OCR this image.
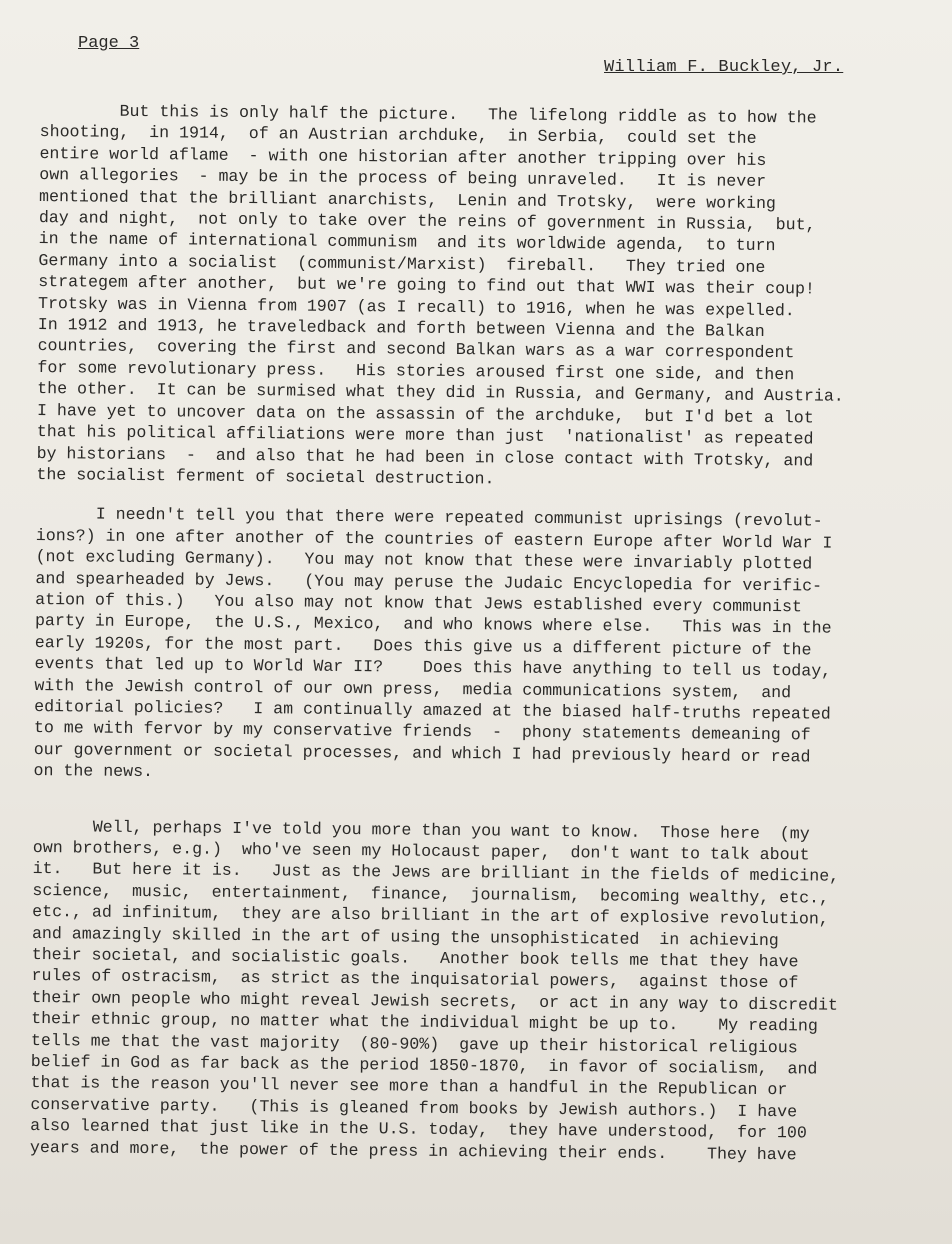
Page 3
William F. Buckley, Jr.
But this is only half the picture.   The lifelong riddle as to how the
shooting,  in 1914,  of an Austrian archduke,  in Serbia,  could set the
entire world aflame  - with one historian after another tripping over his
own allegories  - may be in the process of being unraveled.   It is never
mentioned that the brilliant anarchists,  Lenin and Trotsky,  were working
day and night,  not only to take over the reins of government in Russia,  but,
in the name of international communism  and its worldwide agenda,  to turn
Germany into a socialist  (communist/Marxist)  fireball.   They tried one
strategem after another,  but we're going to find out that WWI was their coup!
Trotsky was in Vienna from 1907 (as I recall) to 1916, when he was expelled.
In 1912 and 1913, he traveledback and forth between Vienna and the Balkan
countries,  covering the first and second Balkan wars as a war correspondent
for some revolutionary press.   His stories aroused first one side, and then
the other.  It can be surmised what they did in Russia, and Germany, and Austria.
I have yet to uncover data on the assassin of the archduke,  but I'd bet a lot
that his political affiliations were more than just  'nationalist' as repeated
by historians  -  and also that he had been in close contact with Trotsky, and
the socialist ferment of societal destruction.
I needn't tell you that there were repeated communist uprisings (revolut-
ions?) in one after another of the countries of eastern Europe after World War I
(not excluding Germany).   You may not know that these were invariably plotted
and spearheaded by Jews.   (You may peruse the Judaic Encyclopedia for verific-
ation of this.)   You also may not know that Jews established every communist
party in Europe,  the U.S., Mexico,  and who knows where else.   This was in the
early 1920s, for the most part.   Does this give us a different picture of the
events that led up to World War II?    Does this have anything to tell us today,
with the Jewish control of our own press,  media communications system,  and
editorial policies?   I am continually amazed at the biased half-truths repeated
to me with fervor by my conservative friends  -  phony statements demeaning of
our government or societal processes, and which I had previously heard or read
on the news.
Well, perhaps I've told you more than you want to know.  Those here  (my
own brothers, e.g.)  who've seen my Holocaust paper,  don't want to talk about
it.   But here it is.   Just as the Jews are brilliant in the fields of medicine,
science,  music,  entertainment,  finance,  journalism,  becoming wealthy, etc.,
etc., ad infinitum,  they are also brilliant in the art of explosive revolution,
and amazingly skilled in the art of using the unsophisticated  in achieving
their societal, and socialistic goals.   Another book tells me that they have
rules of ostracism,  as strict as the inquisatorial powers,  against those of
their own people who might reveal Jewish secrets,  or act in any way to discredit
their ethnic group, no matter what the individual might be up to.    My reading
tells me that the vast majority  (80-90%)  gave up their historical religious
belief in God as far back as the period 1850-1870,  in favor of socialism,  and
that is the reason you'll never see more than a handful in the Republican or
conservative party.   (This is gleaned from books by Jewish authors.)  I have
also learned that just like in the U.S. today,  they have understood,  for 100
years and more,  the power of the press in achieving their ends.    They have
